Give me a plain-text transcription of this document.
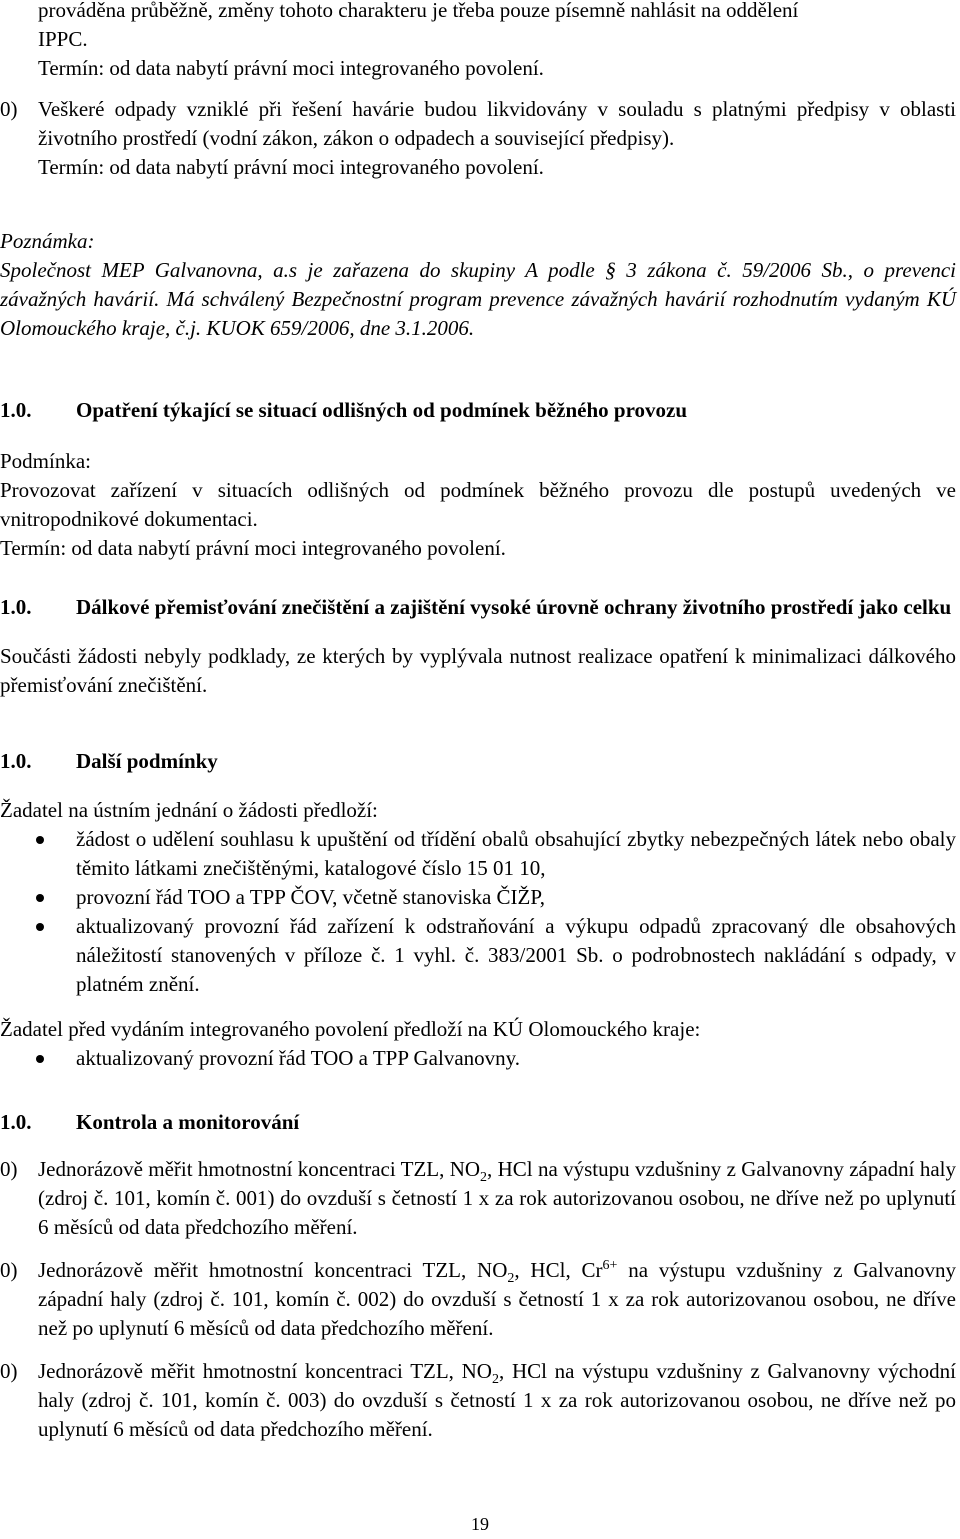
prováděna průběžně, změny tohoto charakteru je třeba pouze písemně nahlásit na oddělení

IPPC.

Termín: od data nabytí právní moci integrovaného povolení.

0) Veškeré odpady vzniklé při řešení havárie budou likvidovány v souladu s platnými předpisy v oblasti životního prostředí (vodní zákon, zákon o odpadech a související předpisy).

Termín: od data nabytí právní moci integrovaného povolení.

Poznámka:

Společnost MEP Galvanovna, a.s je zařazena do skupiny A podle § 3 zákona č. 59/2006 Sb., o prevenci závažných havárií. Má schválený Bezpečnostní program prevence závažných havárií rozhodnutím vydaným KÚ Olomouckého kraje, č.j. KUOK 659/2006, dne 3.1.2006.

1.0.	Opatření týkající se situací odlišných od podmínek běžného provozu

Podmínka:

Provozovat zařízení v situacích odlišných od podmínek běžného provozu dle postupů uvedených ve vnitropodnikové dokumentaci.

Termín: od data nabytí právní moci integrovaného povolení.

1.0.	Dálkové přemisťování znečištění a zajištění vysoké úrovně ochrany životního prostředí jako celku

Součásti žádosti nebyly podklady, ze kterých by vyplývala nutnost realizace opatření k minimalizaci dálkového přemisťování znečištění.

1.0.	Další podmínky

Žadatel na ústním jednání o žádosti předloží:

žádost o udělení souhlasu k upuštění od třídění obalů obsahující zbytky nebezpečných látek nebo obaly těmito látkami znečištěnými, katalogové číslo 15 01 10,
provozní řád TOO a TPP ČOV, včetně stanoviska ČIŽP,
aktualizovaný provozní řád zařízení k odstraňování a výkupu odpadů zpracovaný dle obsahových náležitostí stanovených v příloze č. 1 vyhl. č. 383/2001 Sb. o podrobnostech nakládání s odpady, v platném znění.

Žadatel před vydáním integrovaného povolení předloží na KÚ Olomouckého kraje:

aktualizovaný provozní řád TOO a TPP Galvanovny.
1.0.	Kontrola a monitorování

0) Jednorázově měřit hmotnostní koncentraci TZL, $NO_2$, HCl na výstupu vzdušniny z Galvanovny západní haly (zdroj č. 101, komín č. 001) do ovzduší s četností 1 x za rok autorizovanou osobou, ne dříve než po uplynutí 6 měsíců od data předchozího měření.

0) Jednorázově měřit hmotnostní koncentraci TZL, $NO_2$, HCl, $Cr^{6+}$ na výstupu vzdušniny z Galvanovny západní haly (zdroj č. 101, komín č. 002) do ovzduší s četností 1 x za rok autorizovanou osobou, ne dříve než po uplynutí 6 měsíců od data předchozího měření.

0) Jednorázově měřit hmotnostní koncentraci TZL, $NO_2$, HCl na výstupu vzdušniny z Galvanovny východní haly (zdroj č. 101, komín č. 003) do ovzduší s četností 1 x za rok autorizovanou osobou, ne dříve než po uplynutí 6 měsíců od data předchozího měření.

19
